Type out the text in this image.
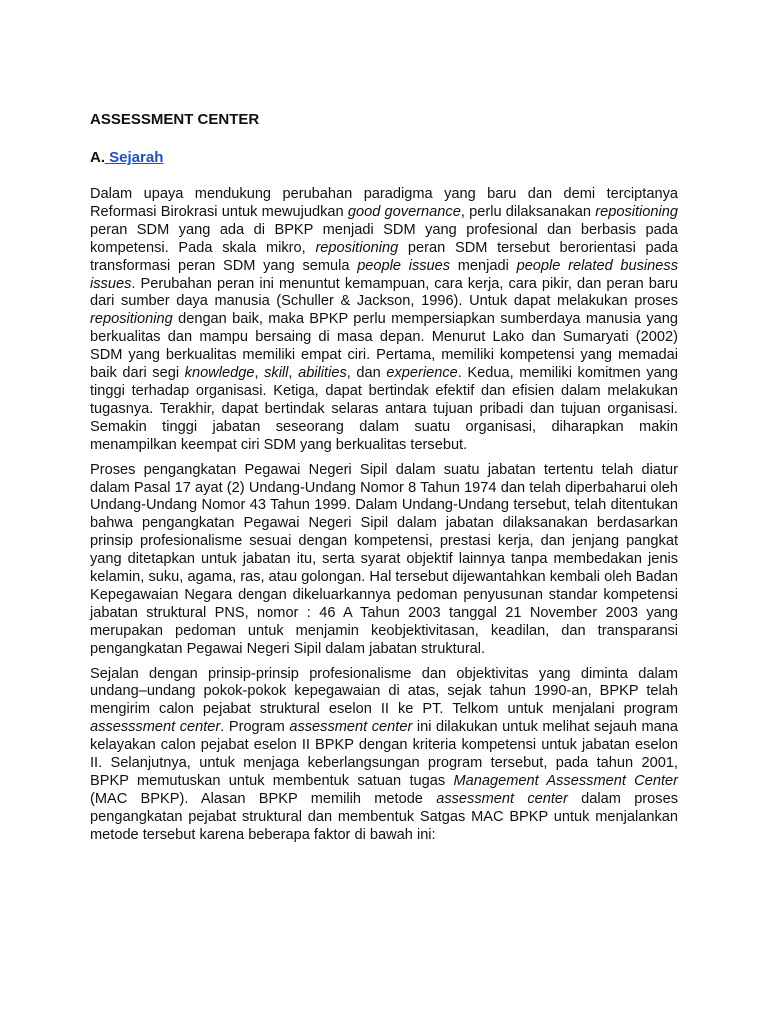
ASSESSMENT CENTER
A. Sejarah

Dalam upaya mendukung perubahan paradigma yang baru dan demi terciptanya Reformasi Birokrasi untuk mewujudkan good governance, perlu dilaksanakan repositioning peran SDM yang ada di BPKP menjadi SDM yang profesional dan berbasis pada kompetensi. Pada skala mikro, repositioning peran SDM tersebut berorientasi pada transformasi peran SDM yang semula people issues menjadi people related business issues. Perubahan peran ini menuntut kemampuan, cara kerja, cara pikir, dan peran baru dari sumber daya manusia (Schuller & Jackson, 1996). Untuk dapat melakukan proses repositioning dengan baik, maka BPKP perlu mempersiapkan sumberdaya manusia yang berkualitas dan mampu bersaing di masa depan. Menurut Lako dan Sumaryati (2002) SDM yang berkualitas memiliki empat ciri. Pertama, memiliki kompetensi yang memadai baik dari segi knowledge, skill, abilities, dan experience. Kedua, memiliki komitmen yang tinggi terhadap organisasi. Ketiga, dapat bertindak efektif dan efisien dalam melakukan tugasnya. Terakhir, dapat bertindak selaras antara tujuan pribadi dan tujuan organisasi. Semakin tinggi jabatan seseorang dalam suatu organisasi, diharapkan makin menampilkan keempat ciri SDM yang berkualitas tersebut.

Proses pengangkatan Pegawai Negeri Sipil dalam suatu jabatan tertentu telah diatur dalam Pasal 17 ayat (2) Undang-Undang Nomor 8 Tahun 1974 dan telah diperbaharui oleh Undang-Undang Nomor 43 Tahun 1999. Dalam Undang-Undang tersebut, telah ditentukan bahwa pengangkatan Pegawai Negeri Sipil dalam jabatan dilaksanakan berdasarkan prinsip profesionalisme sesuai dengan kompetensi, prestasi kerja, dan jenjang pangkat yang ditetapkan untuk jabatan itu, serta syarat objektif lainnya tanpa membedakan jenis kelamin, suku, agama, ras, atau golongan. Hal tersebut dijewantahkan kembali oleh Badan Kepegawaian Negara dengan dikeluarkannya pedoman penyusunan standar kompetensi jabatan struktural PNS, nomor : 46 A Tahun 2003 tanggal 21 November 2003 yang merupakan pedoman untuk menjamin keobjektivitasan, keadilan, dan transparansi pengangkatan Pegawai Negeri Sipil dalam jabatan struktural.

Sejalan dengan prinsip-prinsip profesionalisme dan objektivitas yang diminta dalam undang–undang pokok-pokok kepegawaian di atas, sejak tahun 1990-an, BPKP telah mengirim calon pejabat struktural eselon II ke PT. Telkom untuk menjalani program assesssment center. Program assessment center ini dilakukan untuk melihat sejauh mana kelayakan calon pejabat eselon II BPKP dengan kriteria kompetensi untuk jabatan eselon II. Selanjutnya, untuk menjaga keberlangsungan program tersebut, pada tahun 2001, BPKP memutuskan untuk membentuk satuan tugas Management Assessment Center (MAC BPKP). Alasan BPKP memilih metode assessment center dalam proses pengangkatan pejabat struktural dan membentuk Satgas MAC BPKP untuk menjalankan metode tersebut karena beberapa faktor di bawah ini:
